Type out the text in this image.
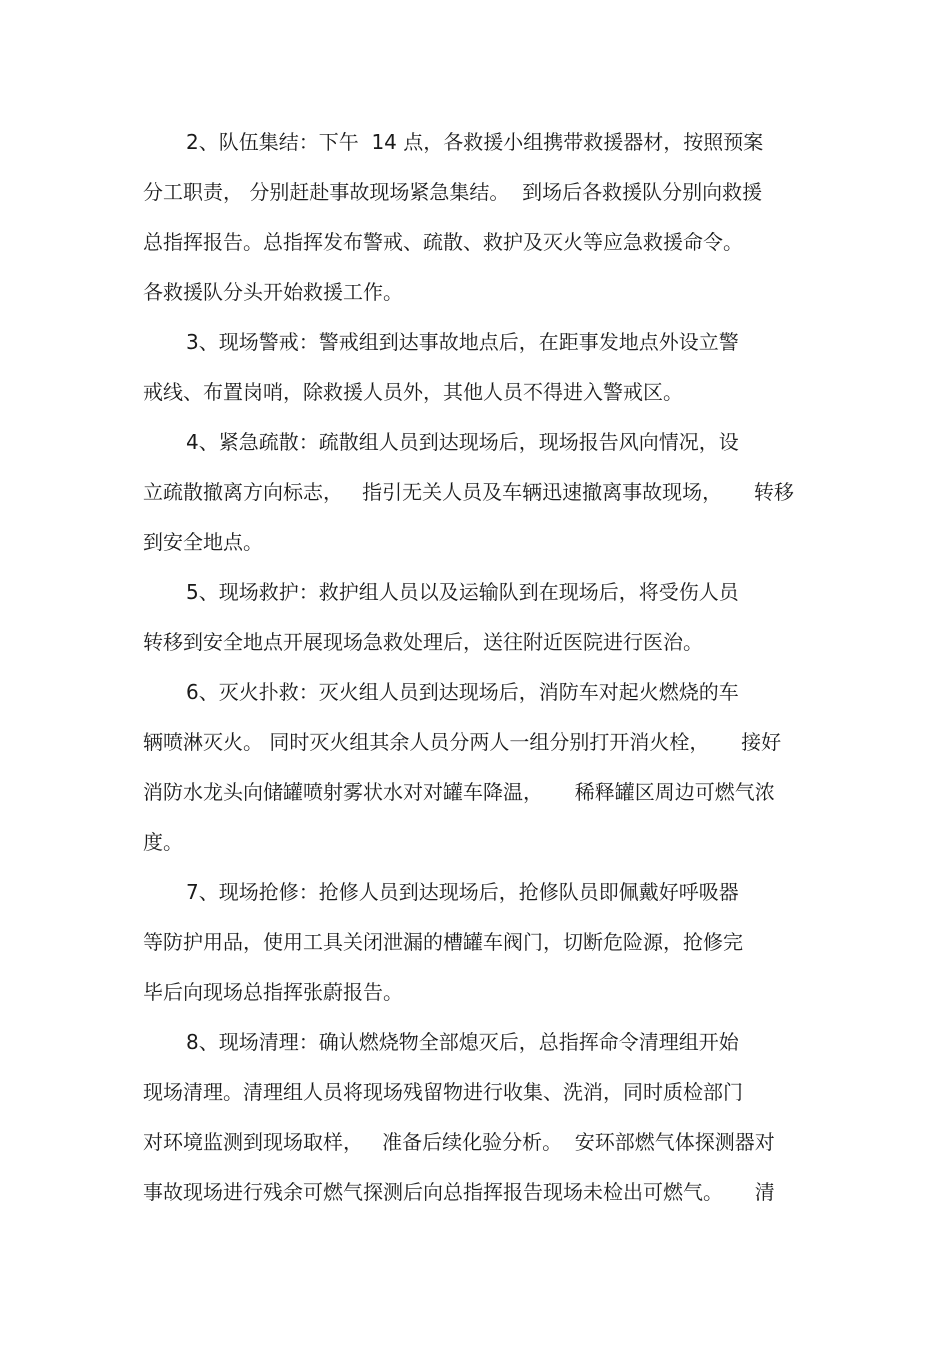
2、队伍集结：下午  14 点，各救援小组携带救援器材，按照预案
分工职责， 分别赶赴事故现场紧急集结。  到场后各救援队分别向救援
总指挥报告。总指挥发布警戒、疏散、救护及灭火等应急救援命令。
各救援队分头开始救援工作。
3、现场警戒：警戒组到达事故地点后，在距事发地点外设立警
戒线、布置岗哨，除救援人员外，其他人员不得进入警戒区。
4、紧急疏散：疏散组人员到达现场后，现场报告风向情况，设
立疏散撤离方向标志，   指引无关人员及车辆迅速撤离事故现场，     转移
到安全地点。
5、现场救护：救护组人员以及运输队到在现场后，将受伤人员
转移到安全地点开展现场急救处理后，送往附近医院进行医治。
6、灭火扑救：灭火组人员到达现场后，消防车对起火燃烧的车
辆喷淋灭火。 同时灭火组其余人员分两人一组分别打开消火栓，     接好
消防水龙头向储罐喷射雾状水对对罐车降温，     稀释罐区周边可燃气浓
度。
7、现场抢修：抢修人员到达现场后，抢修队员即佩戴好呼吸器
等防护用品，使用工具关闭泄漏的槽罐车阀门，切断危险源，抢修完
毕后向现场总指挥张蔚报告。
8、现场清理：确认燃烧物全部熄灭后，总指挥命令清理组开始
现场清理。清理组人员将现场残留物进行收集、洗消，同时质检部门
对环境监测到现场取样，   准备后续化验分析。  安环部燃气体探测器对
事故现场进行残余可燃气探测后向总指挥报告现场未检出可燃气。     清
